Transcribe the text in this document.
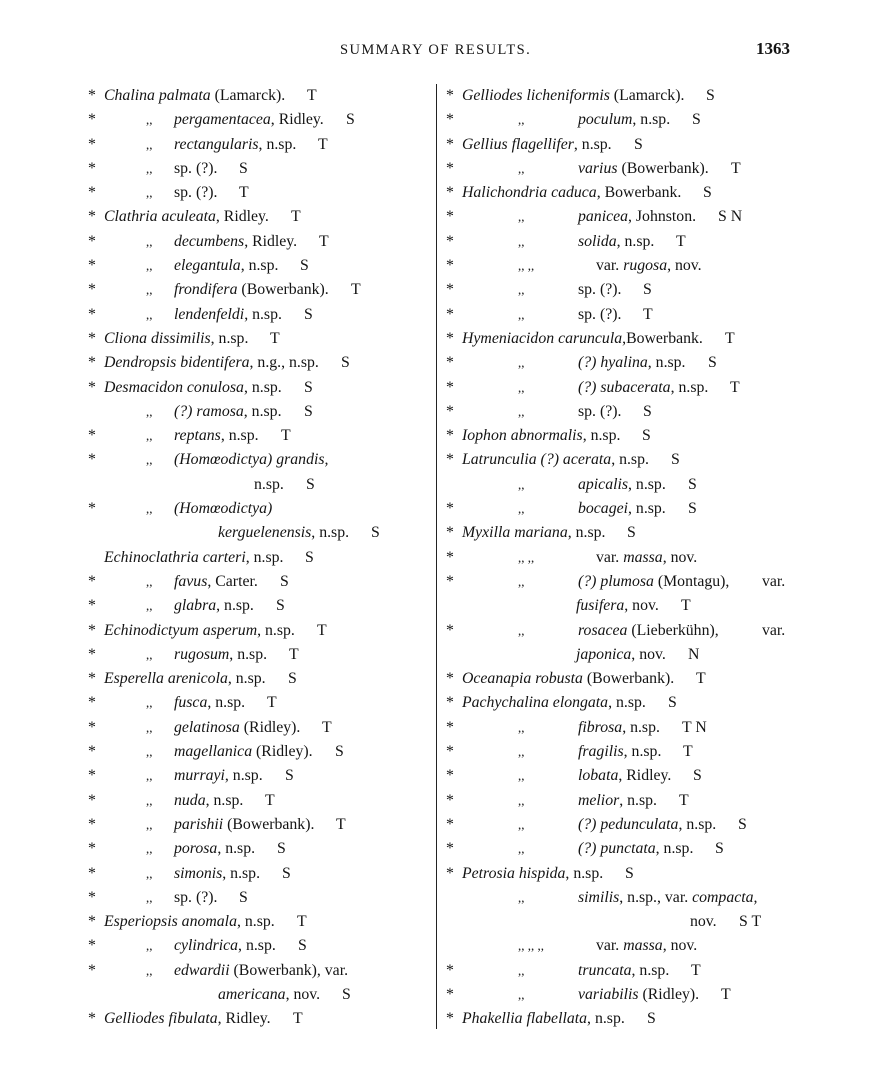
SUMMARY OF RESULTS.	1363
* Chalina palmata (Lamarck). T
*	,, pergamentacea, Ridley. S
*	,, rectangularis, n.sp. T
*	,, sp. (?). S
*	,, sp. (?). T
* Clathria aculeata, Ridley. T
*	,, decumbens, Ridley. T
*	,, elegantula, n.sp. S
*	,, frondifera (Bowerbank). T
*	,, lendenfeldi, n.sp. S
* Cliona dissimilis, n.sp. T
* Dendropsis bidentifera, n.g., n.sp. S
* Desmacidon conulosa, n.sp. S
,, (?) ramosa, n.sp. S
*	,, reptans, n.sp. T
*	,, (Homœodictya) grandis,
n.sp. S
*	,, (Homœodictya)
kerguelenensis, n.sp. S
Echinoclathria carteri, n.sp. S
*	,, favus, Carter. S
*	,, glabra, n.sp. S
* Echinodictyum asperum, n.sp. T
*	,, rugosum, n.sp. T
* Esperella arenicola, n.sp. S
*	,, fusca, n.sp. T
*	,, gelatinosa (Ridley). T
*	,, magellanica (Ridley). S
*	,, murrayi, n.sp. S
*	,, nuda, n.sp. T
*	,, parishii (Bowerbank). T
*	,, porosa, n.sp. S
*	,, simonis, n.sp. S
*	,, sp. (?). S
* Esperiopsis anomala, n.sp. T
*	,, cylindrica, n.sp. S
*	,, edwardii (Bowerbank), var.
americana, nov. S
* Gelliodes fibulata, Ridley. T
* Gelliodes licheniformis (Lamarck). S
*	,,	poculum, n.sp. S
* Gellius flagellifer, n.sp. S
*	,,	varius (Bowerbank). T
* Halichondria caduca, Bowerbank. S
*	,,	panicea, Johnston. S N
*	,,	solida, n.sp. T
*	,, ,,	var. rugosa, nov.
*	,,	sp. (?). S
*	,,	sp. (?). T
* Hymeniacidon caruncula,Bowerbank. T
*	,,	(?) hyalina, n.sp. S
*	,,	(?) subacerata, n.sp. T
*	,,	sp. (?). S
* Iophon abnormalis, n.sp. S
* Latrunculia (?) acerata, n.sp. S
,,	apicalis, n.sp. S
*	,,	bocagei, n.sp. S
* Myxilla mariana, n.sp. S
*	,, ,,	var. massa, nov.
*	,,	(?) plumosa (Montagu), var.
fusifera, nov. T
*	,,	rosacea (Lieberkühn),	var.
japonica, nov. N
* Oceanapia robusta (Bowerbank). T
* Pachychalina elongata, n.sp. S
*	,,	fibrosa, n.sp. T N
*	,,	fragilis, n.sp. T
*	,,	lobata, Ridley. S
*	,,	melior, n.sp. T
*	,,	(?) pedunculata, n.sp. S
*	,,	(?) punctata, n.sp. S
* Petrosia hispida, n.sp. S
,,	similis, n.sp., var. compacta,
nov. S T
,, ,, ,,	var. massa, nov.
*	,,	truncata, n.sp. T
*	,,	variabilis (Ridley). T
* Phakellia flabellata, n.sp. S
